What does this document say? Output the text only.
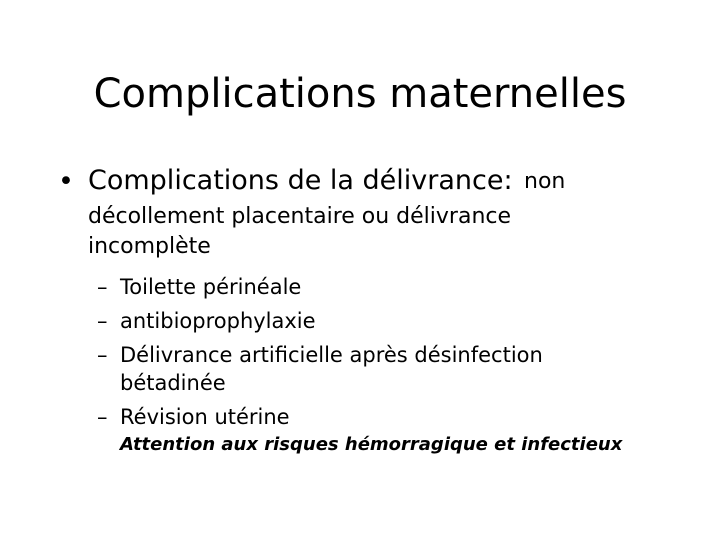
Complications maternelles
• Complications de la délivrance: non
décollement placentaire ou délivrance
incomplète
– Toilette périnéale
– antibioprophylaxie
– Délivrance artificielle après désinfection
bétadinée
– Révision utérine
Attention aux risques hémorragique et infectieux
